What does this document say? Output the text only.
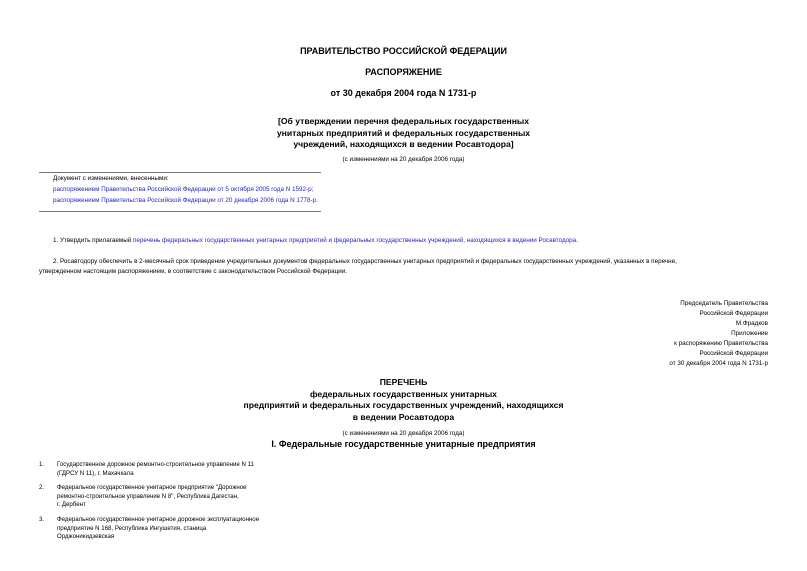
ПРАВИТЕЛЬСТВО РОССИЙСКОЙ ФЕДЕРАЦИИ
РАСПОРЯЖЕНИЕ
от 30 декабря 2004 года N 1731-р
[Об утверждении перечня федеральных государственных
унитарных предприятий и федеральных государственных
учреждений, находящихся в ведении Росавтодора]
(с изменениями на 20 декабря 2006 года)
Документ с изменениями, внесенными:
распоряжением Правительства Российской Федерации от 5 октября 2005 года N 1592-р;
распоряжением Правительства Российской Федерации от 20 декабря 2006 года N 1778-р.
1. Утвердить прилагаемый перечень федеральных государственных унитарных предприятий и федеральных государственных учреждений, находящихся в ведении Росавтодора.
2. Росавтодору обеспечить в 2-месячный срок приведение учредительных документов федеральных государственных унитарных предприятий и федеральных государственных учреждений, указанных в перечне,
утвержденном настоящим распоряжением, в соответствие с законодательством Российской Федерации.
Председатель Правительства
Российской Федерации
М.Фрадков
Приложение
к распоряжению Правительства
Российской Федерации
от 30 декабря 2004 года N 1731-р
ПЕРЕЧЕНЬ
федеральных государственных унитарных
предприятий и федеральных государственных учреждений, находящихся
в ведении Росавтодора
(с изменениями на 20 декабря 2006 года)
I. Федеральные государственные унитарные предприятия
1. Государственное дорожное ремонтно-строительное управление N 11
(ГДРСУ N 11), г. Махачкала
2. Федеральное государственное унитарное предприятие "Дорожное
ремонтно-строительное управление N 8", Республика Дагестан,
г. Дербент
3. Федеральное государственное унитарное дорожное эксплуатационное
предприятие N 168, Республика Ингушетия, станица
Орджоникидзевская
